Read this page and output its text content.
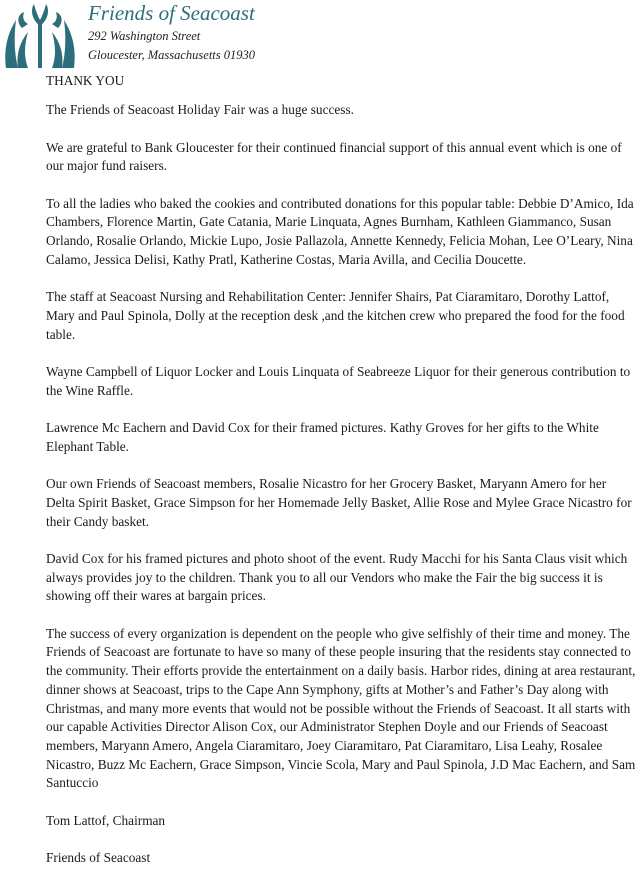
Friends of Seacoast
292 Washington Street
Gloucester, Massachusetts 01930

THANK YOU

The Friends of Seacoast Holiday Fair was a huge success.

We are grateful to Bank Gloucester for their continued financial support of this annual event which is one of our major fund raisers.

To all the ladies who baked the cookies and contributed donations for this popular table: Debbie D’Amico, Ida Chambers, Florence Martin, Gate Catania, Marie Linquata, Agnes Burnham, Kathleen Giammanco, Susan Orlando, Rosalie Orlando, Mickie Lupo, Josie Pallazola, Annette Kennedy, Felicia Mohan, Lee O’Leary, Nina Calamo, Jessica Delisi, Kathy Pratl, Katherine Costas, Maria Avilla, and Cecilia Doucette.

The staff at Seacoast Nursing and Rehabilitation Center: Jennifer Shairs, Pat Ciaramitaro, Dorothy Lattof, Mary and Paul Spinola, Dolly at the reception desk ,and the kitchen crew who prepared the food for the food table.

Wayne Campbell of Liquor Locker and Louis Linquata of Seabreeze Liquor for their generous contribution to the Wine Raffle.

Lawrence Mc Eachern and David Cox for their framed pictures. Kathy Groves for her gifts to the White Elephant Table.

Our own Friends of Seacoast members, Rosalie Nicastro for her Grocery Basket, Maryann Amero for her Delta Spirit Basket, Grace Simpson for her Homemade Jelly Basket, Allie Rose and Mylee Grace Nicastro for their Candy basket.

David Cox for his framed pictures and photo shoot of the event. Rudy Macchi for his Santa Claus visit which always provides joy to the children. Thank you to all our Vendors who make the Fair the big success it is showing off their wares at bargain prices.

The success of every organization is dependent on the people who give selfishly of their time and money. The Friends of Seacoast are fortunate to have so many of these people insuring that the residents stay connected to the community. Their efforts provide the entertainment on a daily basis. Harbor rides, dining at area restaurant, dinner shows at Seacoast, trips to the Cape Ann Symphony, gifts at Mother’s and Father’s Day along with Christmas, and many more events that would not be possible without the Friends of Seacoast. It all starts with our capable Activities Director Alison Cox, our Administrator Stephen Doyle and our Friends of Seacoast members, Maryann Amero, Angela Ciaramitaro, Joey Ciaramitaro, Pat Ciaramitaro, Lisa Leahy, Rosalee Nicastro, Buzz Mc Eachern, Grace Simpson, Vincie Scola, Mary and Paul Spinola, J.D Mac Eachern, and Sam Santuccio

Tom Lattof, Chairman

Friends of Seacoast
